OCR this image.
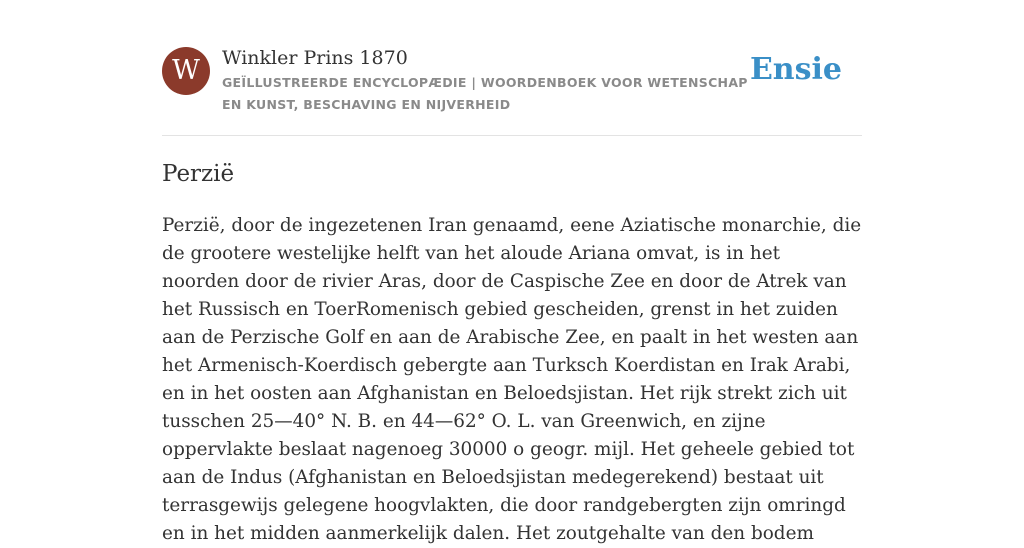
W	Winkler Prins 1870
GEÏLLUSTREERDE ENCYCLOPÆDIE | WOORDENBOEK VOOR WETENSCHAP EN KUNST, BESCHAVING EN NIJVERHEID
Ensie
Perzië

Perzië, door de ingezetenen Iran genaamd, eene Aziatische monarchie, die de grootere westelijke helft van het aloude Ariana omvat, is in het noorden door de rivier Aras, door de Caspische Zee en door de Atrek van het Russisch en ToerRomenisch gebied gescheiden, grenst in het zuiden aan de Perzische Golf en aan de Arabische Zee, en paalt in het westen aan het Armenisch-Koerdisch gebergte aan Turksch Koerdistan en Irak Arabi, en in het oosten aan Afghanistan en Beloedsjistan. Het rijk strekt zich uit tusschen 25—40° N. B. en 44—62° O. L. van Greenwich, en zijne oppervlakte beslaat nagenoeg 30000 o geogr. mijl. Het geheele gebied tot aan de Indus (Afghanistan en Beloedsjistan medegerekend) bestaat uit terrasgewijs gelegene hoogvlakten, die door randgebergten zijn omringd en in het midden aanmerkelijk dalen. Het zoutgehalte van den bodem
